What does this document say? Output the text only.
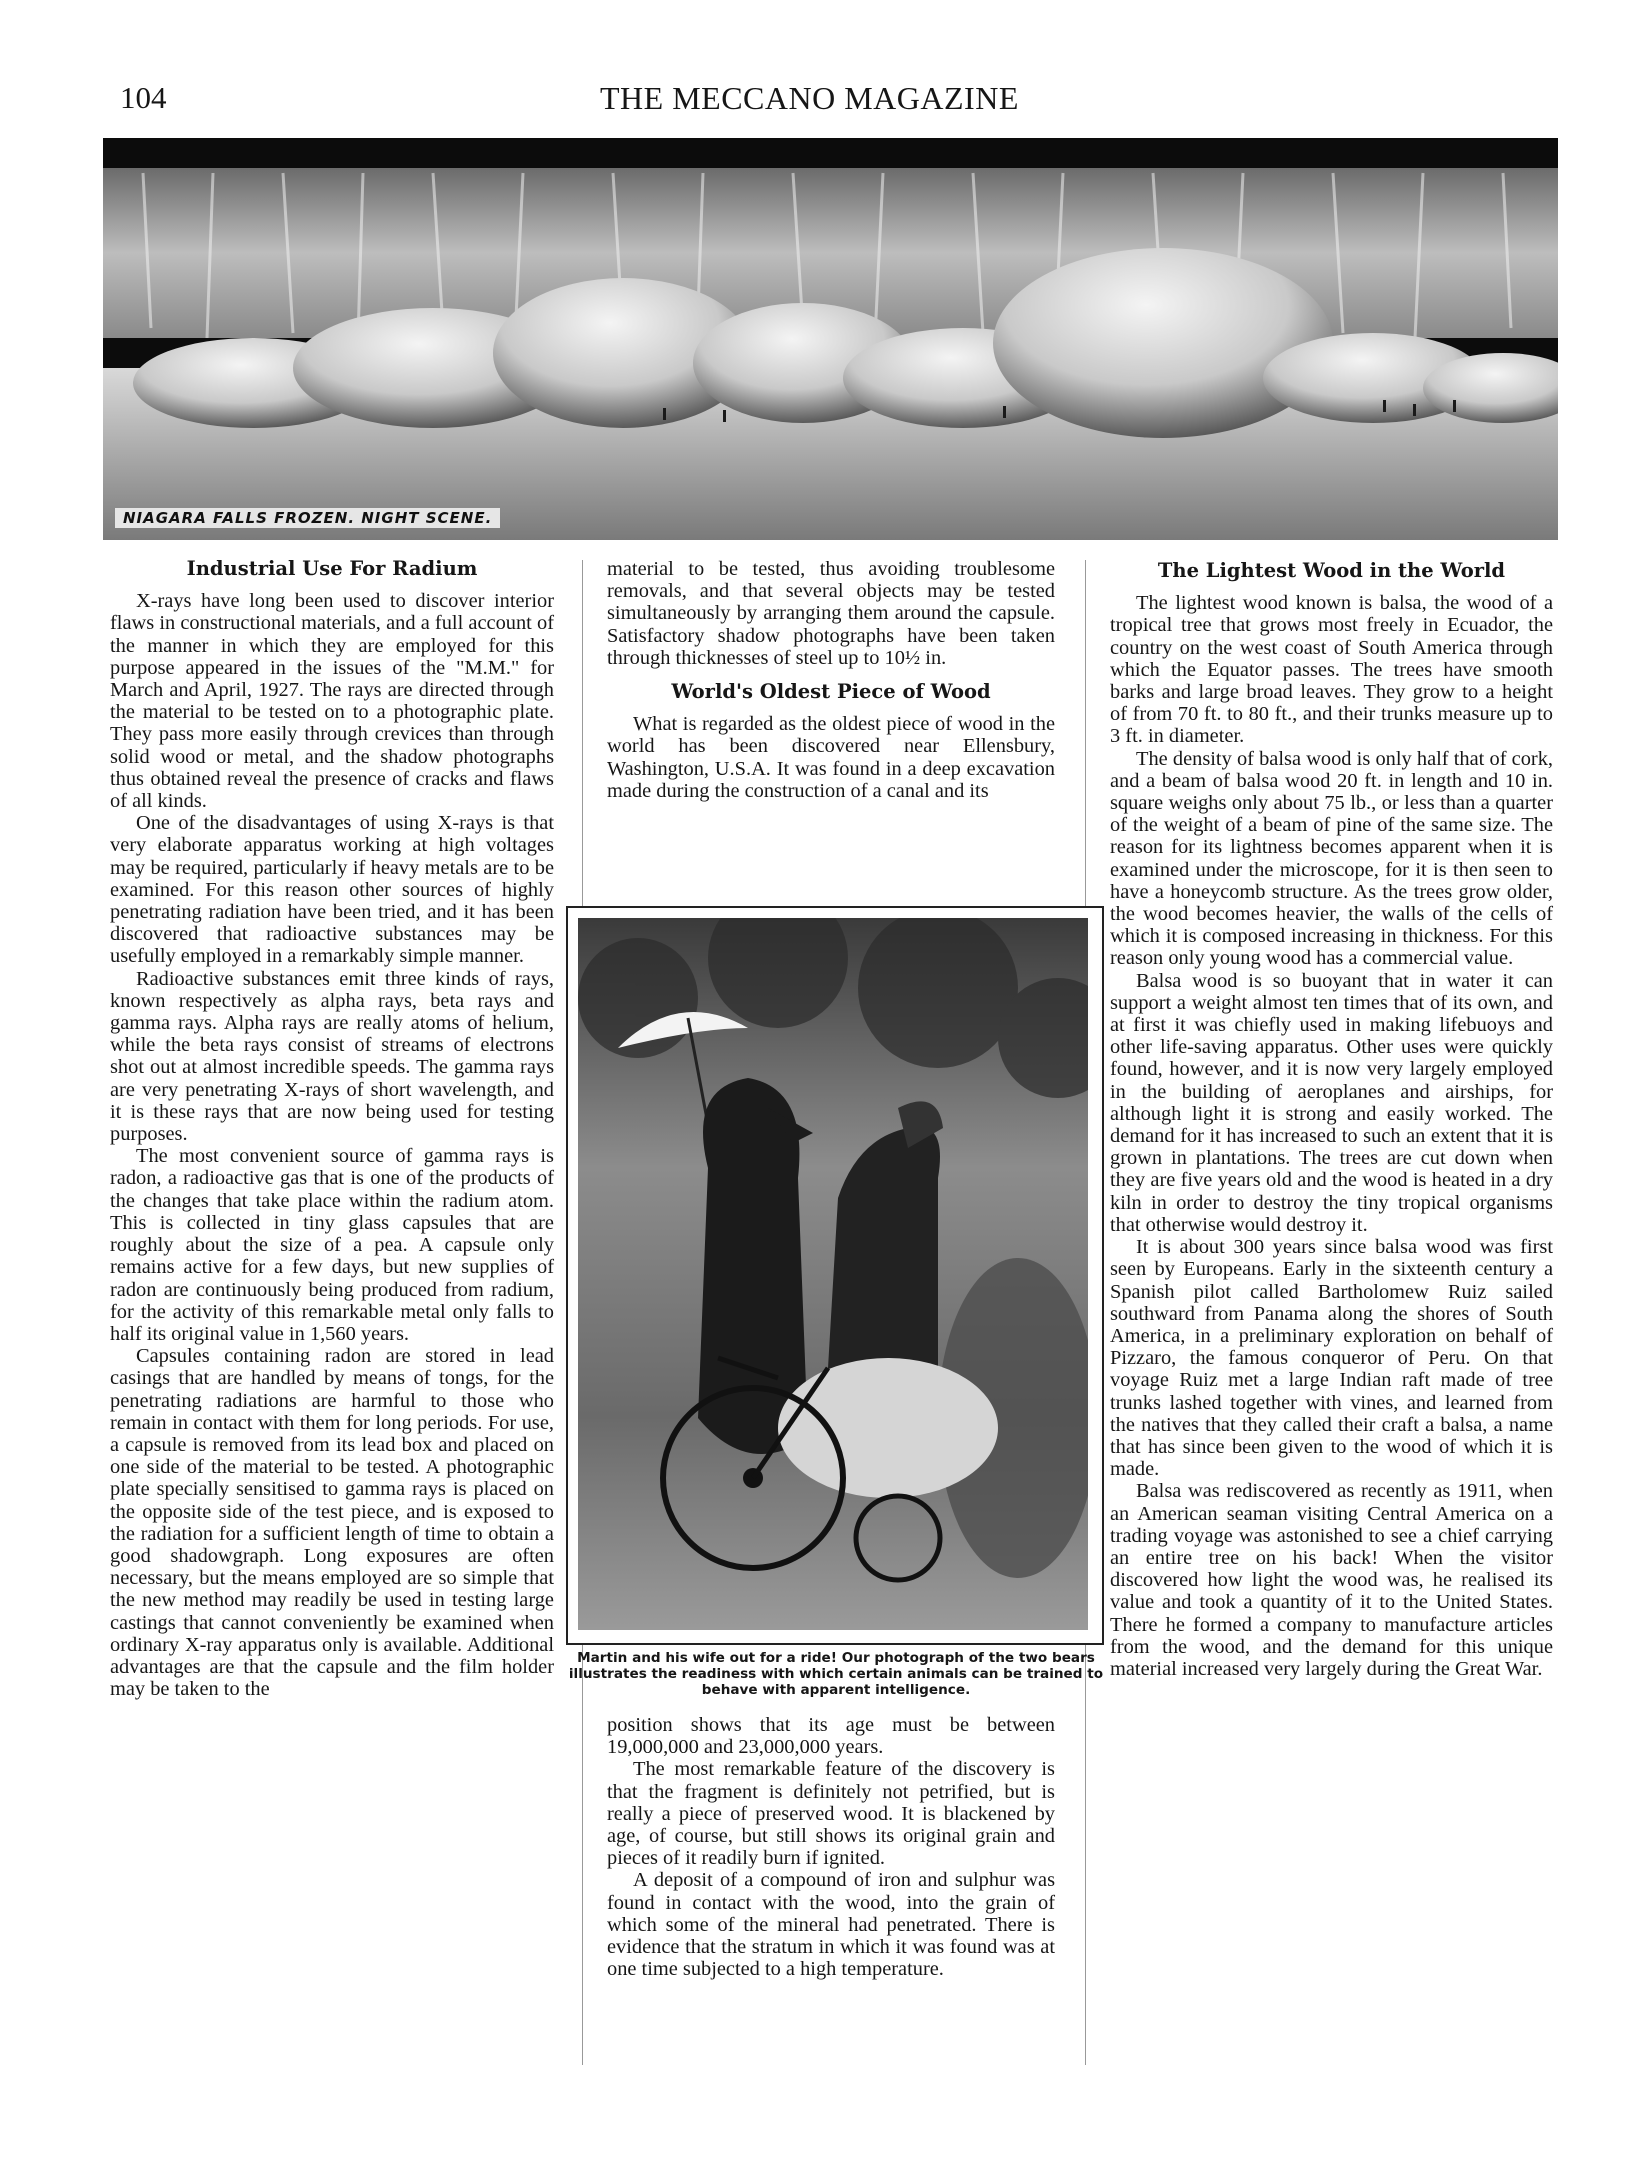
104	THE MECCANO MAGAZINE
NIAGARA FALLS FROZEN. NIGHT SCENE.
Industrial Use For Radium

X-rays have long been used to discover interior flaws in constructional materials, and a full account of the manner in which they are employed for this purpose appeared in the issues of the "M.M." for March and April, 1927. The rays are directed through the material to be tested on to a photographic plate. They pass more easily through crevices than through solid wood or metal, and the shadow photographs thus obtained reveal the presence of cracks and flaws of all kinds.

One of the disadvantages of using X-rays is that very elaborate apparatus working at high voltages may be required, particularly if heavy metals are to be examined. For this reason other sources of highly penetrating radiation have been tried, and it has been discovered that radioactive substances may be usefully employed in a remarkably simple manner.

Radioactive substances emit three kinds of rays, known respectively as alpha rays, beta rays and gamma rays. Alpha rays are really atoms of helium, while the beta rays consist of streams of electrons shot out at almost incredible speeds. The gamma rays are very penetrating X-rays of short wavelength, and it is these rays that are now being used for testing purposes.

The most convenient source of gamma rays is radon, a radioactive gas that is one of the products of the changes that take place within the radium atom. This is collected in tiny glass capsules that are roughly about the size of a pea. A capsule only remains active for a few days, but new supplies of radon are continuously being produced from radium, for the activity of this remarkable metal only falls to half its original value in 1,560 years.

Capsules containing radon are stored in lead casings that are handled by means of tongs, for the penetrating radiations are harmful to those who remain in contact with them for long periods. For use, a capsule is removed from its lead box and placed on one side of the material to be tested. A photographic plate specially sensitised to gamma rays is placed on the opposite side of the test piece, and is exposed to the radiation for a sufficient length of time to obtain a good shadowgraph. Long exposures are often necessary, but the means employed are so simple that the new method may readily be used in testing large castings that cannot conveniently be examined when ordinary X-ray apparatus only is available. Additional advantages are that the capsule and the film holder may be taken to the

material to be tested, thus avoiding troublesome removals, and that several objects may be tested simultaneously by arranging them around the capsule. Satisfactory shadow photographs have been taken through thicknesses of steel up to 10½ in.

World's Oldest Piece of Wood

What is regarded as the oldest piece of wood in the world has been discovered near Ellensbury, Washington, U.S.A. It was found in a deep excavation made during the construction of a canal and its

Martin and his wife out for a ride! Our photograph of the two bears illustrates the readiness with which certain animals can be trained to behave with apparent intelligence.

position shows that its age must be between 19,000,000 and 23,000,000 years.

The most remarkable feature of the discovery is that the fragment is definitely not petrified, but is really a piece of preserved wood. It is blackened by age, of course, but still shows its original grain and pieces of it readily burn if ignited.

A deposit of a compound of iron and sulphur was found in contact with the wood, into the grain of which some of the mineral had penetrated. There is evidence that the stratum in which it was found was at one time subjected to a high temperature.

The Lightest Wood in the World

The lightest wood known is balsa, the wood of a tropical tree that grows most freely in Ecuador, the country on the west coast of South America through which the Equator passes. The trees have smooth barks and large broad leaves. They grow to a height of from 70 ft. to 80 ft., and their trunks measure up to 3 ft. in diameter.

The density of balsa wood is only half that of cork, and a beam of balsa wood 20 ft. in length and 10 in. square weighs only about 75 lb., or less than a quarter of the weight of a beam of pine of the same size. The reason for its lightness becomes apparent when it is examined under the microscope, for it is then seen to have a honeycomb structure. As the trees grow older, the wood becomes heavier, the walls of the cells of which it is composed increasing in thickness. For this reason only young wood has a commercial value.

Balsa wood is so buoyant that in water it can support a weight almost ten times that of its own, and at first it was chiefly used in making lifebuoys and other life-saving apparatus. Other uses were quickly found, however, and it is now very largely employed in the building of aeroplanes and airships, for although light it is strong and easily worked. The demand for it has increased to such an extent that it is grown in plantations. The trees are cut down when they are five years old and the wood is heated in a dry kiln in order to destroy the tiny tropical organisms that otherwise would destroy it.

It is about 300 years since balsa wood was first seen by Europeans. Early in the sixteenth century a Spanish pilot called Bartholomew Ruiz sailed southward from Panama along the shores of South America, in a preliminary exploration on behalf of Pizzaro, the famous conqueror of Peru. On that voyage Ruiz met a large Indian raft made of tree trunks lashed together with vines, and learned from the natives that they called their craft a balsa, a name that has since been given to the wood of which it is made.

Balsa was rediscovered as recently as 1911, when an American seaman visiting Central America on a trading voyage was astonished to see a chief carrying an entire tree on his back! When the visitor discovered how light the wood was, he realised its value and took a quantity of it to the United States. There he formed a company to manufacture articles from the wood, and the demand for this unique material increased very largely during the Great War.
